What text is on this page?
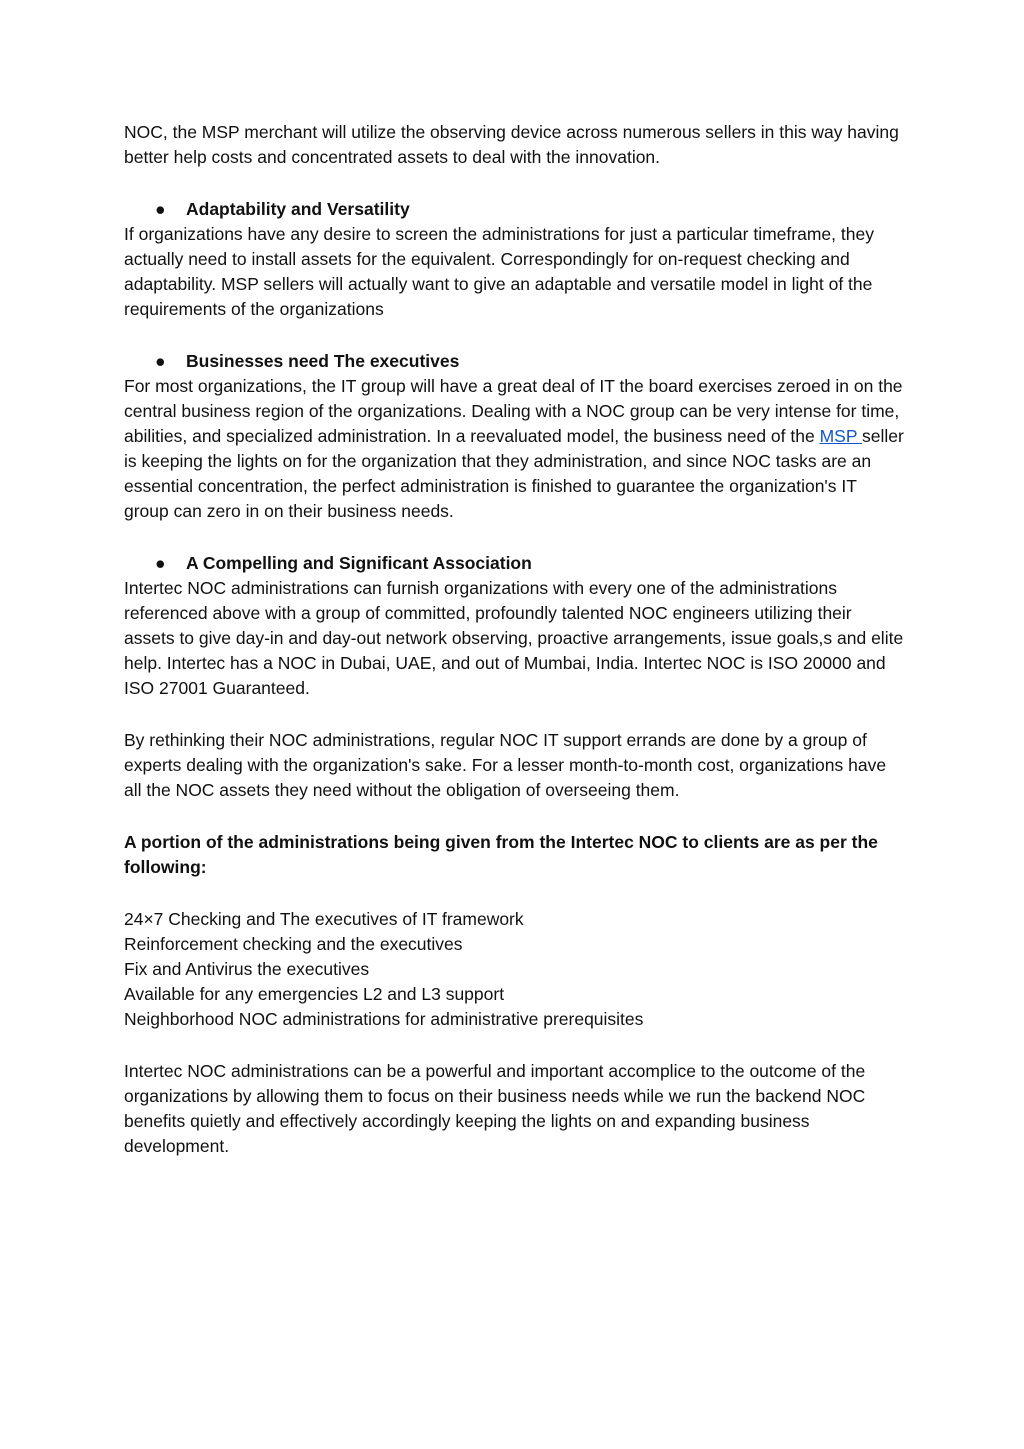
NOC, the MSP merchant will utilize the observing device across numerous sellers in this way having better help costs and concentrated assets to deal with the innovation.

● Adaptability and Versatility

If organizations have any desire to screen the administrations for just a particular timeframe, they actually need to install assets for the equivalent. Correspondingly for on-request checking and adaptability. MSP sellers will actually want to give an adaptable and versatile model in light of the requirements of the organizations

● Businesses need The executives

For most organizations, the IT group will have a great deal of IT the board exercises zeroed in on the central business region of the organizations. Dealing with a NOC group can be very intense for time, abilities, and specialized administration. In a reevaluated model, the business need of the MSP seller is keeping the lights on for the organization that they administration, and since NOC tasks are an essential concentration, the perfect administration is finished to guarantee the organization's IT group can zero in on their business needs.

● A Compelling and Significant Association

Intertec NOC administrations can furnish organizations with every one of the administrations referenced above with a group of committed, profoundly talented NOC engineers utilizing their assets to give day-in and day-out network observing, proactive arrangements, issue goals,s and elite help. Intertec has a NOC in Dubai, UAE, and out of Mumbai, India. Intertec NOC is ISO 20000 and ISO 27001 Guaranteed.

By rethinking their NOC administrations, regular NOC IT support errands are done by a group of experts dealing with the organization's sake. For a lesser month-to-month cost, organizations have all the NOC assets they need without the obligation of overseeing them.

A portion of the administrations being given from the Intertec NOC to clients are as per the following:

24×7 Checking and The executives of IT framework
Reinforcement checking and the executives
Fix and Antivirus the executives
Available for any emergencies L2 and L3 support
Neighborhood NOC administrations for administrative prerequisites

Intertec NOC administrations can be a powerful and important accomplice to the outcome of the organizations by allowing them to focus on their business needs while we run the backend NOC benefits quietly and effectively accordingly keeping the lights on and expanding business development.
